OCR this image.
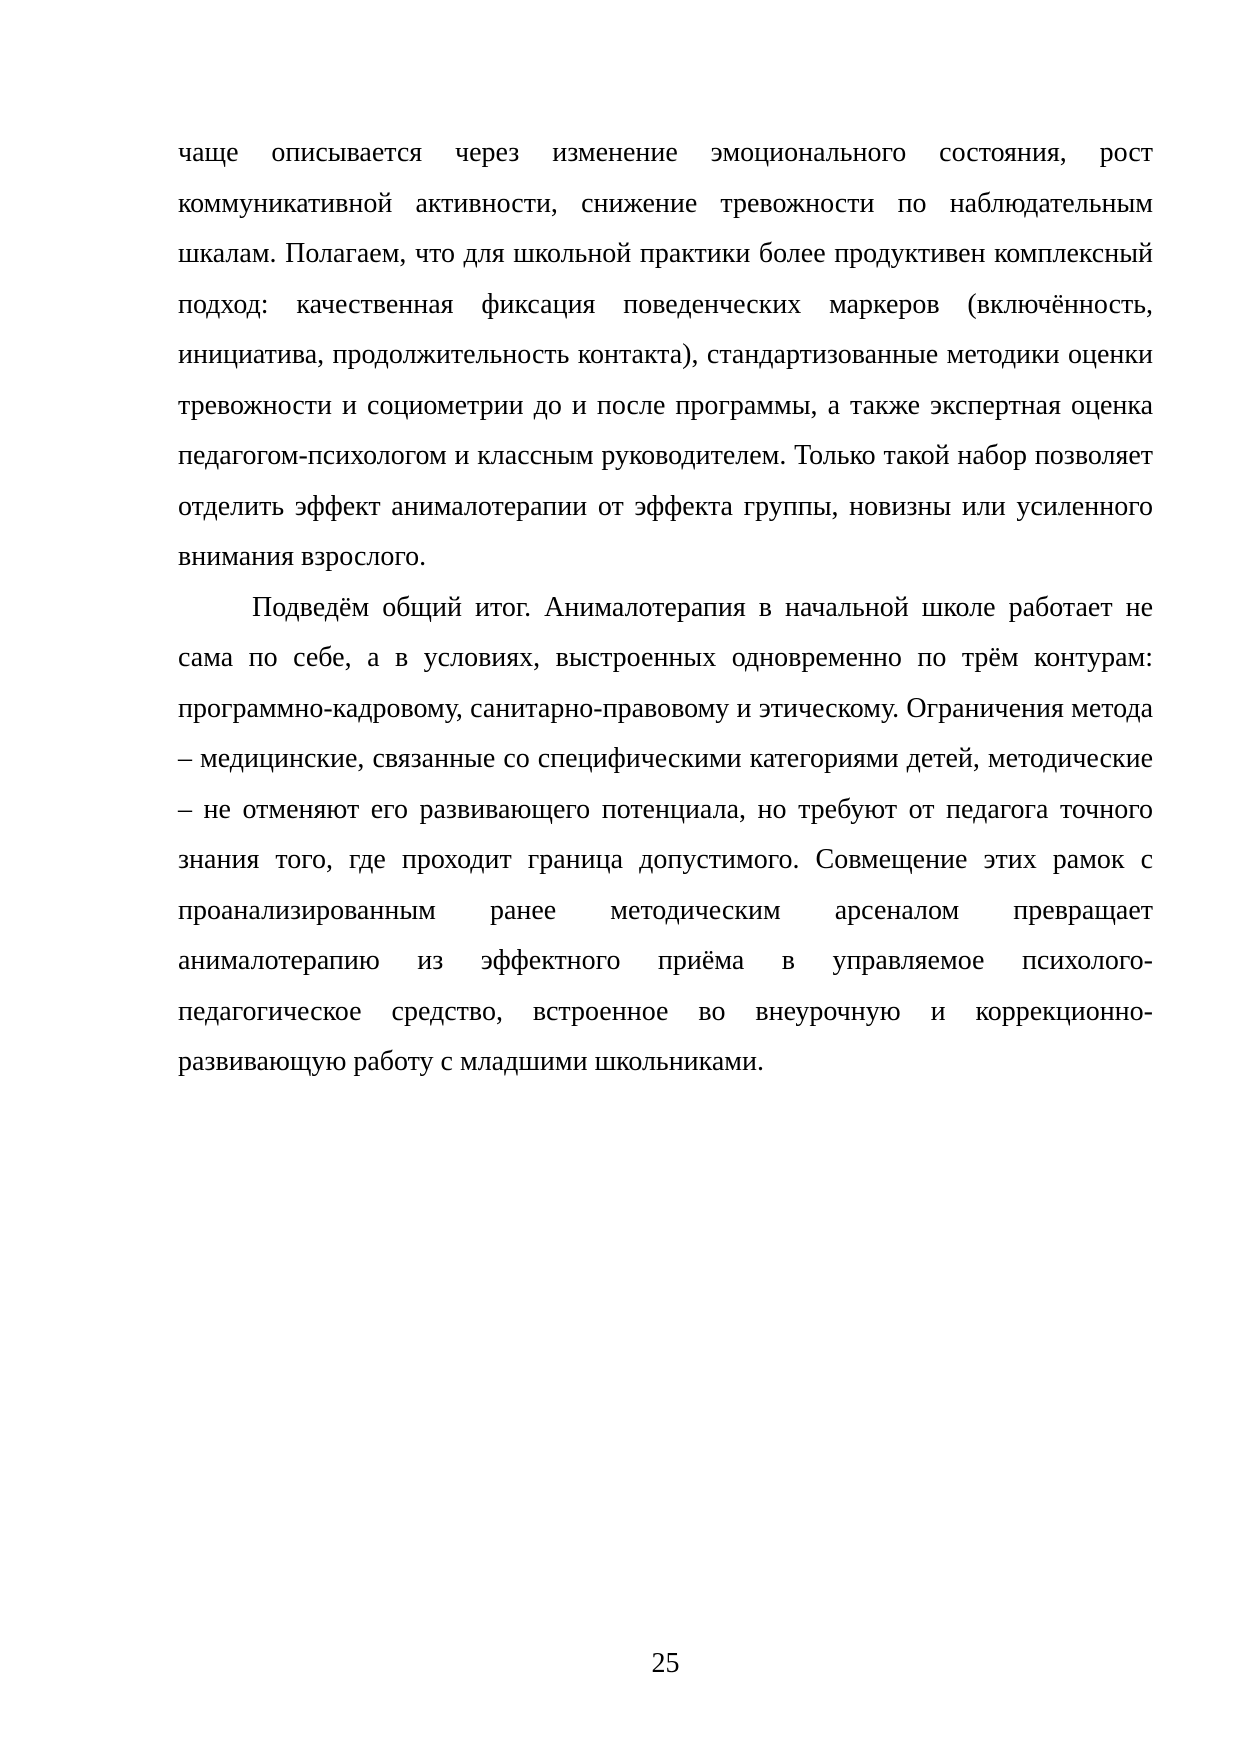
чаще описывается через изменение эмоционального состояния, рост коммуникативной активности, снижение тревожности по наблюдательным шкалам. Полагаем, что для школьной практики более продуктивен комплексный подход: качественная фиксация поведенческих маркеров (включённость, инициатива, продолжительность контакта), стандартизованные методики оценки тревожности и социометрии до и после программы, а также экспертная оценка педагогом-психологом и классным руководителем. Только такой набор позволяет отделить эффект анималотерапии от эффекта группы, новизны или усиленного внимания взрослого.

Подведём общий итог. Анималотерапия в начальной школе работает не сама по себе, а в условиях, выстроенных одновременно по трём контурам: программно-кадровому, санитарно-правовому и этическому. Ограничения метода – медицинские, связанные со специфическими категориями детей, методические – не отменяют его развивающего потенциала, но требуют от педагога точного знания того, где проходит граница допустимого. Совмещение этих рамок с проанализированным ранее методическим арсеналом превращает анималотерапию из эффектного приёма в управляемое психолого-педагогическое средство, встроенное во внеурочную и коррекционно-развивающую работу с младшими школьниками.

25
